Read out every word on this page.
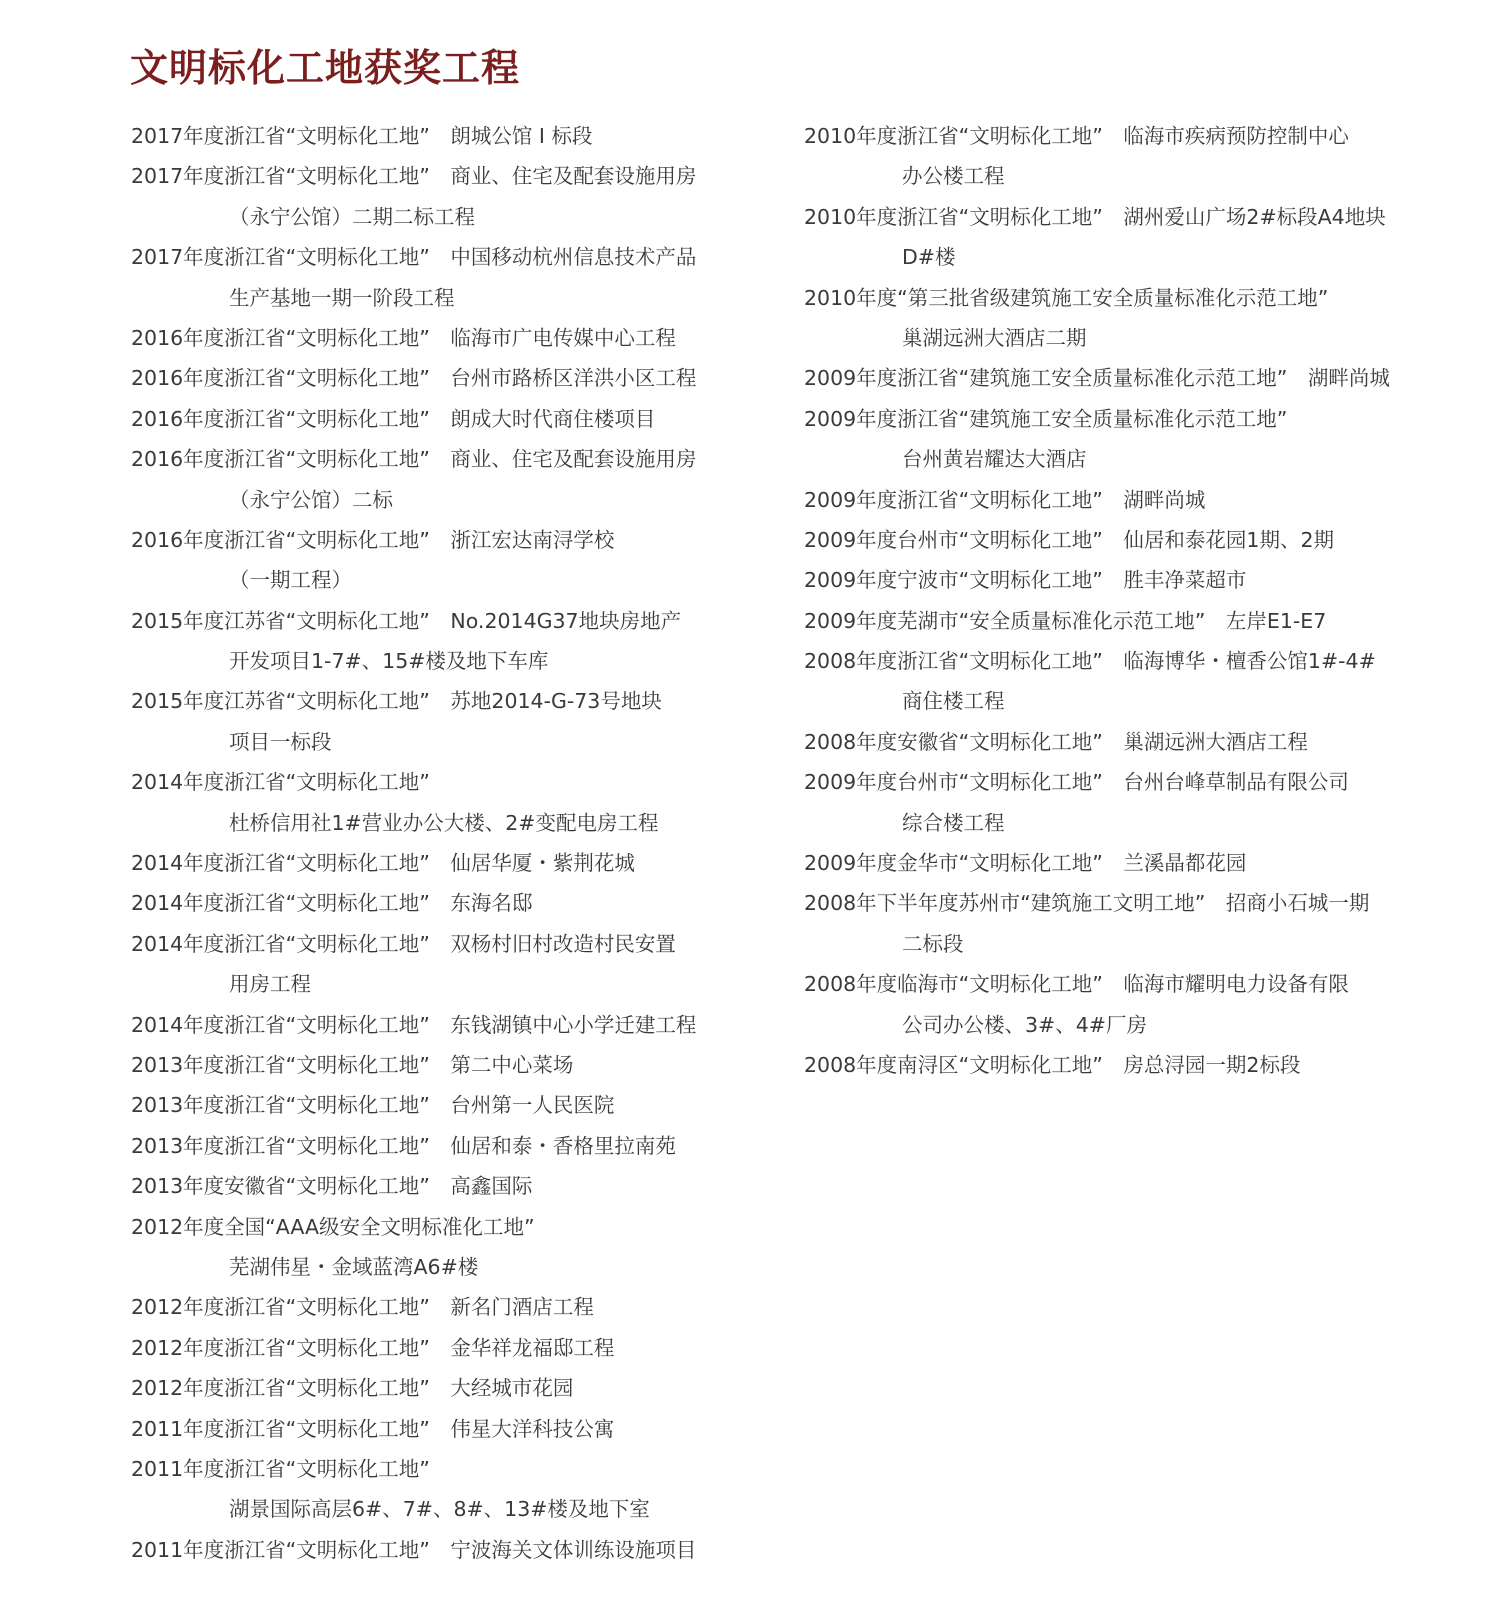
文明标化工地获奖工程
2017年度浙江省“文明标化工地”　朗城公馆 I 标段
2017年度浙江省“文明标化工地”　商业、住宅及配套设施用房
（永宁公馆）二期二标工程
2017年度浙江省“文明标化工地”　中国移动杭州信息技术产品
生产基地一期一阶段工程
2016年度浙江省“文明标化工地”　临海市广电传媒中心工程
2016年度浙江省“文明标化工地”　台州市路桥区洋洪小区工程
2016年度浙江省“文明标化工地”　朗成大时代商住楼项目
2016年度浙江省“文明标化工地”　商业、住宅及配套设施用房
（永宁公馆）二标
2016年度浙江省“文明标化工地”　浙江宏达南浔学校
（一期工程）
2015年度江苏省“文明标化工地”　No.2014G37地块房地产
开发项目1-7#、15#楼及地下车库
2015年度江苏省“文明标化工地”　苏地2014-G-73号地块
项目一标段
2014年度浙江省“文明标化工地”
杜桥信用社1#营业办公大楼、2#变配电房工程
2014年度浙江省“文明标化工地”　仙居华厦・紫荆花城
2014年度浙江省“文明标化工地”　东海名邸
2014年度浙江省“文明标化工地”　双杨村旧村改造村民安置
用房工程
2014年度浙江省“文明标化工地”　东钱湖镇中心小学迁建工程
2013年度浙江省“文明标化工地”　第二中心菜场
2013年度浙江省“文明标化工地”　台州第一人民医院
2013年度浙江省“文明标化工地”　仙居和泰・香格里拉南苑
2013年度安徽省“文明标化工地”　高鑫国际
2012年度全国“AAA级安全文明标准化工地”
芜湖伟星・金域蓝湾A6#楼
2012年度浙江省“文明标化工地”　新名门酒店工程
2012年度浙江省“文明标化工地”　金华祥龙福邸工程
2012年度浙江省“文明标化工地”　大经城市花园
2011年度浙江省“文明标化工地”　伟星大洋科技公寓
2011年度浙江省“文明标化工地”
湖景国际高层6#、7#、8#、13#楼及地下室
2011年度浙江省“文明标化工地”　宁波海关文体训练设施项目
2010年度浙江省“文明标化工地”　临海市疾病预防控制中心
办公楼工程
2010年度浙江省“文明标化工地”　湖州爱山广场2#标段A4地块
D#楼
2010年度“第三批省级建筑施工安全质量标准化示范工地”
巢湖远洲大酒店二期
2009年度浙江省“建筑施工安全质量标准化示范工地”　湖畔尚城
2009年度浙江省“建筑施工安全质量标准化示范工地”
台州黄岩耀达大酒店
2009年度浙江省“文明标化工地”　湖畔尚城
2009年度台州市“文明标化工地”　仙居和泰花园1期、2期
2009年度宁波市“文明标化工地”　胜丰净菜超市
2009年度芜湖市“安全质量标准化示范工地”　左岸E1-E7
2008年度浙江省“文明标化工地”　临海博华・檀香公馆1#-4#
商住楼工程
2008年度安徽省“文明标化工地”　巢湖远洲大酒店工程
2009年度台州市“文明标化工地”　台州台峰草制品有限公司
综合楼工程
2009年度金华市“文明标化工地”　兰溪晶都花园
2008年下半年度苏州市“建筑施工文明工地”　招商小石城一期
二标段
2008年度临海市“文明标化工地”　临海市耀明电力设备有限
公司办公楼、3#、4#厂房
2008年度南浔区“文明标化工地”　房总浔园一期2标段
